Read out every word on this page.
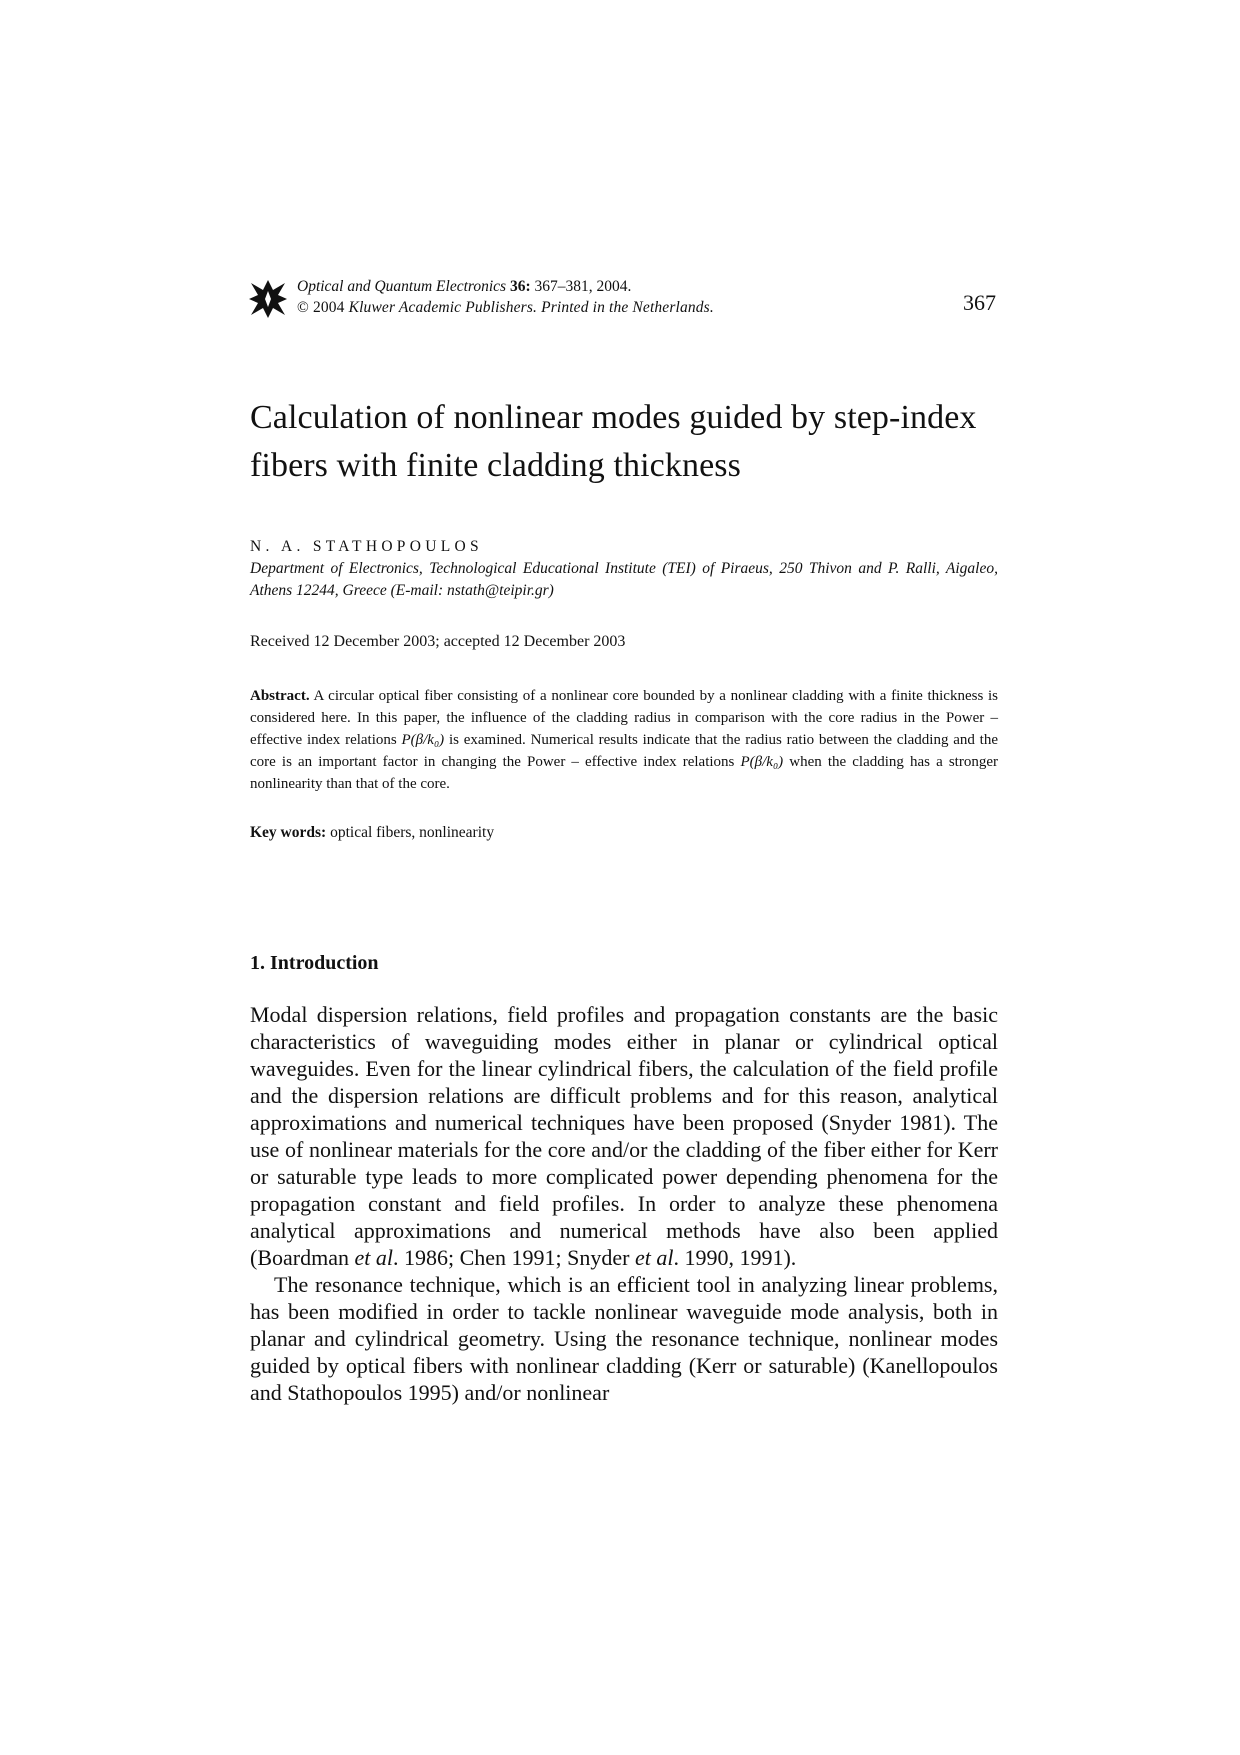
Optical and Quantum Electronics 36: 367–381, 2004.
© 2004 Kluwer Academic Publishers. Printed in the Netherlands.	367
Calculation of nonlinear modes guided by step-index fibers with finite cladding thickness
N. A. STATHOPOULOS
Department of Electronics, Technological Educational Institute (TEI) of Piraeus, 250 Thivon and P. Ralli, Aigaleo, Athens 12244, Greece (E-mail: nstath@teipir.gr)
Received 12 December 2003; accepted 12 December 2003
Abstract. A circular optical fiber consisting of a nonlinear core bounded by a nonlinear cladding with a finite thickness is considered here. In this paper, the influence of the cladding radius in comparison with the core radius in the Power – effective index relations P(β/k₀) is examined. Numerical results indicate that the radius ratio between the cladding and the core is an important factor in changing the Power – effective index relations P(β/k₀) when the cladding has a stronger nonlinearity than that of the core.
Key words: optical fibers, nonlinearity
1. Introduction

Modal dispersion relations, field profiles and propagation constants are the basic characteristics of waveguiding modes either in planar or cylindrical optical waveguides. Even for the linear cylindrical fibers, the calculation of the field profile and the dispersion relations are difficult problems and for this reason, analytical approximations and numerical techniques have been proposed (Snyder 1981). The use of nonlinear materials for the core and/or the cladding of the fiber either for Kerr or saturable type leads to more complicated power depending phenomena for the propagation constant and field profiles. In order to analyze these phenomena analytical approximations and numerical methods have also been applied (Boardman et al. 1986; Chen 1991; Snyder et al. 1990, 1991).

The resonance technique, which is an efficient tool in analyzing linear problems, has been modified in order to tackle nonlinear waveguide mode analysis, both in planar and cylindrical geometry. Using the resonance technique, nonlinear modes guided by optical fibers with nonlinear cladding (Kerr or saturable) (Kanellopoulos and Stathopoulos 1995) and/or nonlinear
